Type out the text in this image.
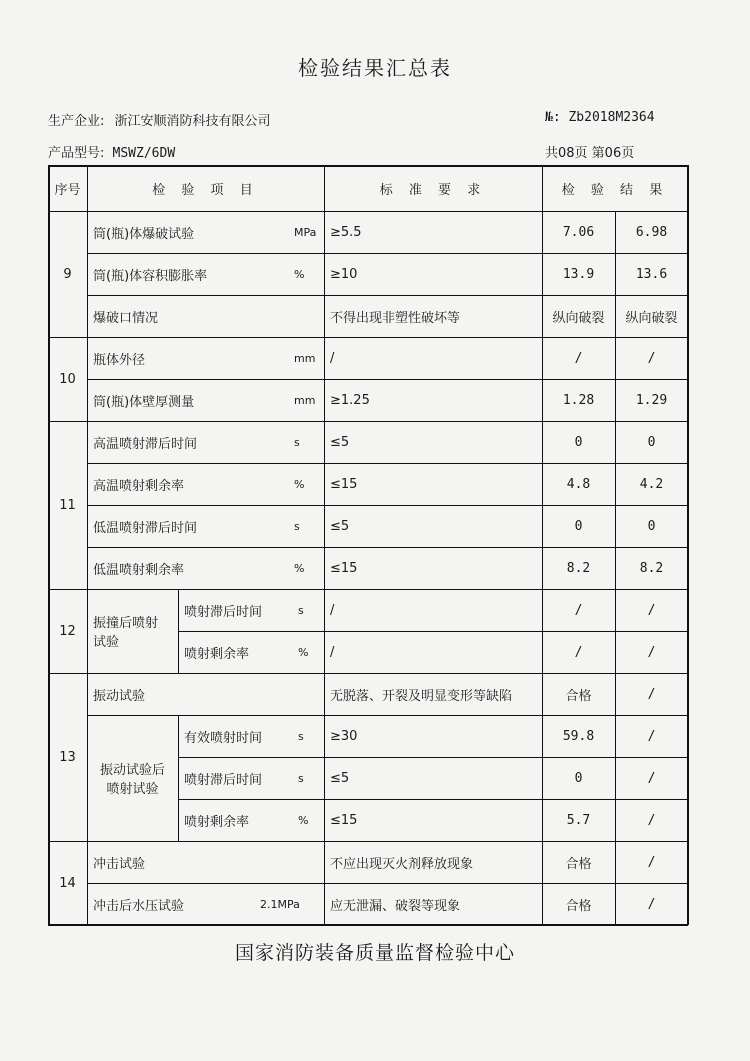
检验结果汇总表
生产企业: 浙江安顺消防科技有限公司	№: Zb2018M2364
产品型号: MSWZ/6DW	共08页 第06页
序号	检 验 项 目	标 准 要 求	检 验 结 果
9
筒(瓶)体爆破试验	MPa	≥5.5	7.06	6.98
筒(瓶)体容积膨胀率	%	≥10	13.9	13.6
爆破口情况	不得出现非塑性破坏等	纵向破裂	纵向破裂
10
瓶体外径	mm	/	/	/
筒(瓶)体壁厚测量	mm	≥1.25	1.28	1.29
11
高温喷射滞后时间	s	≤5	0	0
高温喷射剩余率	%	≤15	4.8	4.2
低温喷射滞后时间	s	≤5	0	0
低温喷射剩余率	%	≤15	8.2	8.2
12	振撞后喷射
试验
喷射滞后时间	s	/	/	/
喷射剩余率	%	/	/	/
13
振动试验	无脱落、开裂及明显变形等缺陷	合格	/
振动试验后
喷射试验
有效喷射时间	s	≥30	59.8	/
喷射滞后时间	s	≤5	0	/
喷射剩余率	%	≤15	5.7	/
14
冲击试验	不应出现灭火剂释放现象	合格	/
冲击后水压试验	2.1MPa	应无泄漏、破裂等现象	合格	/
国家消防装备质量监督检验中心
